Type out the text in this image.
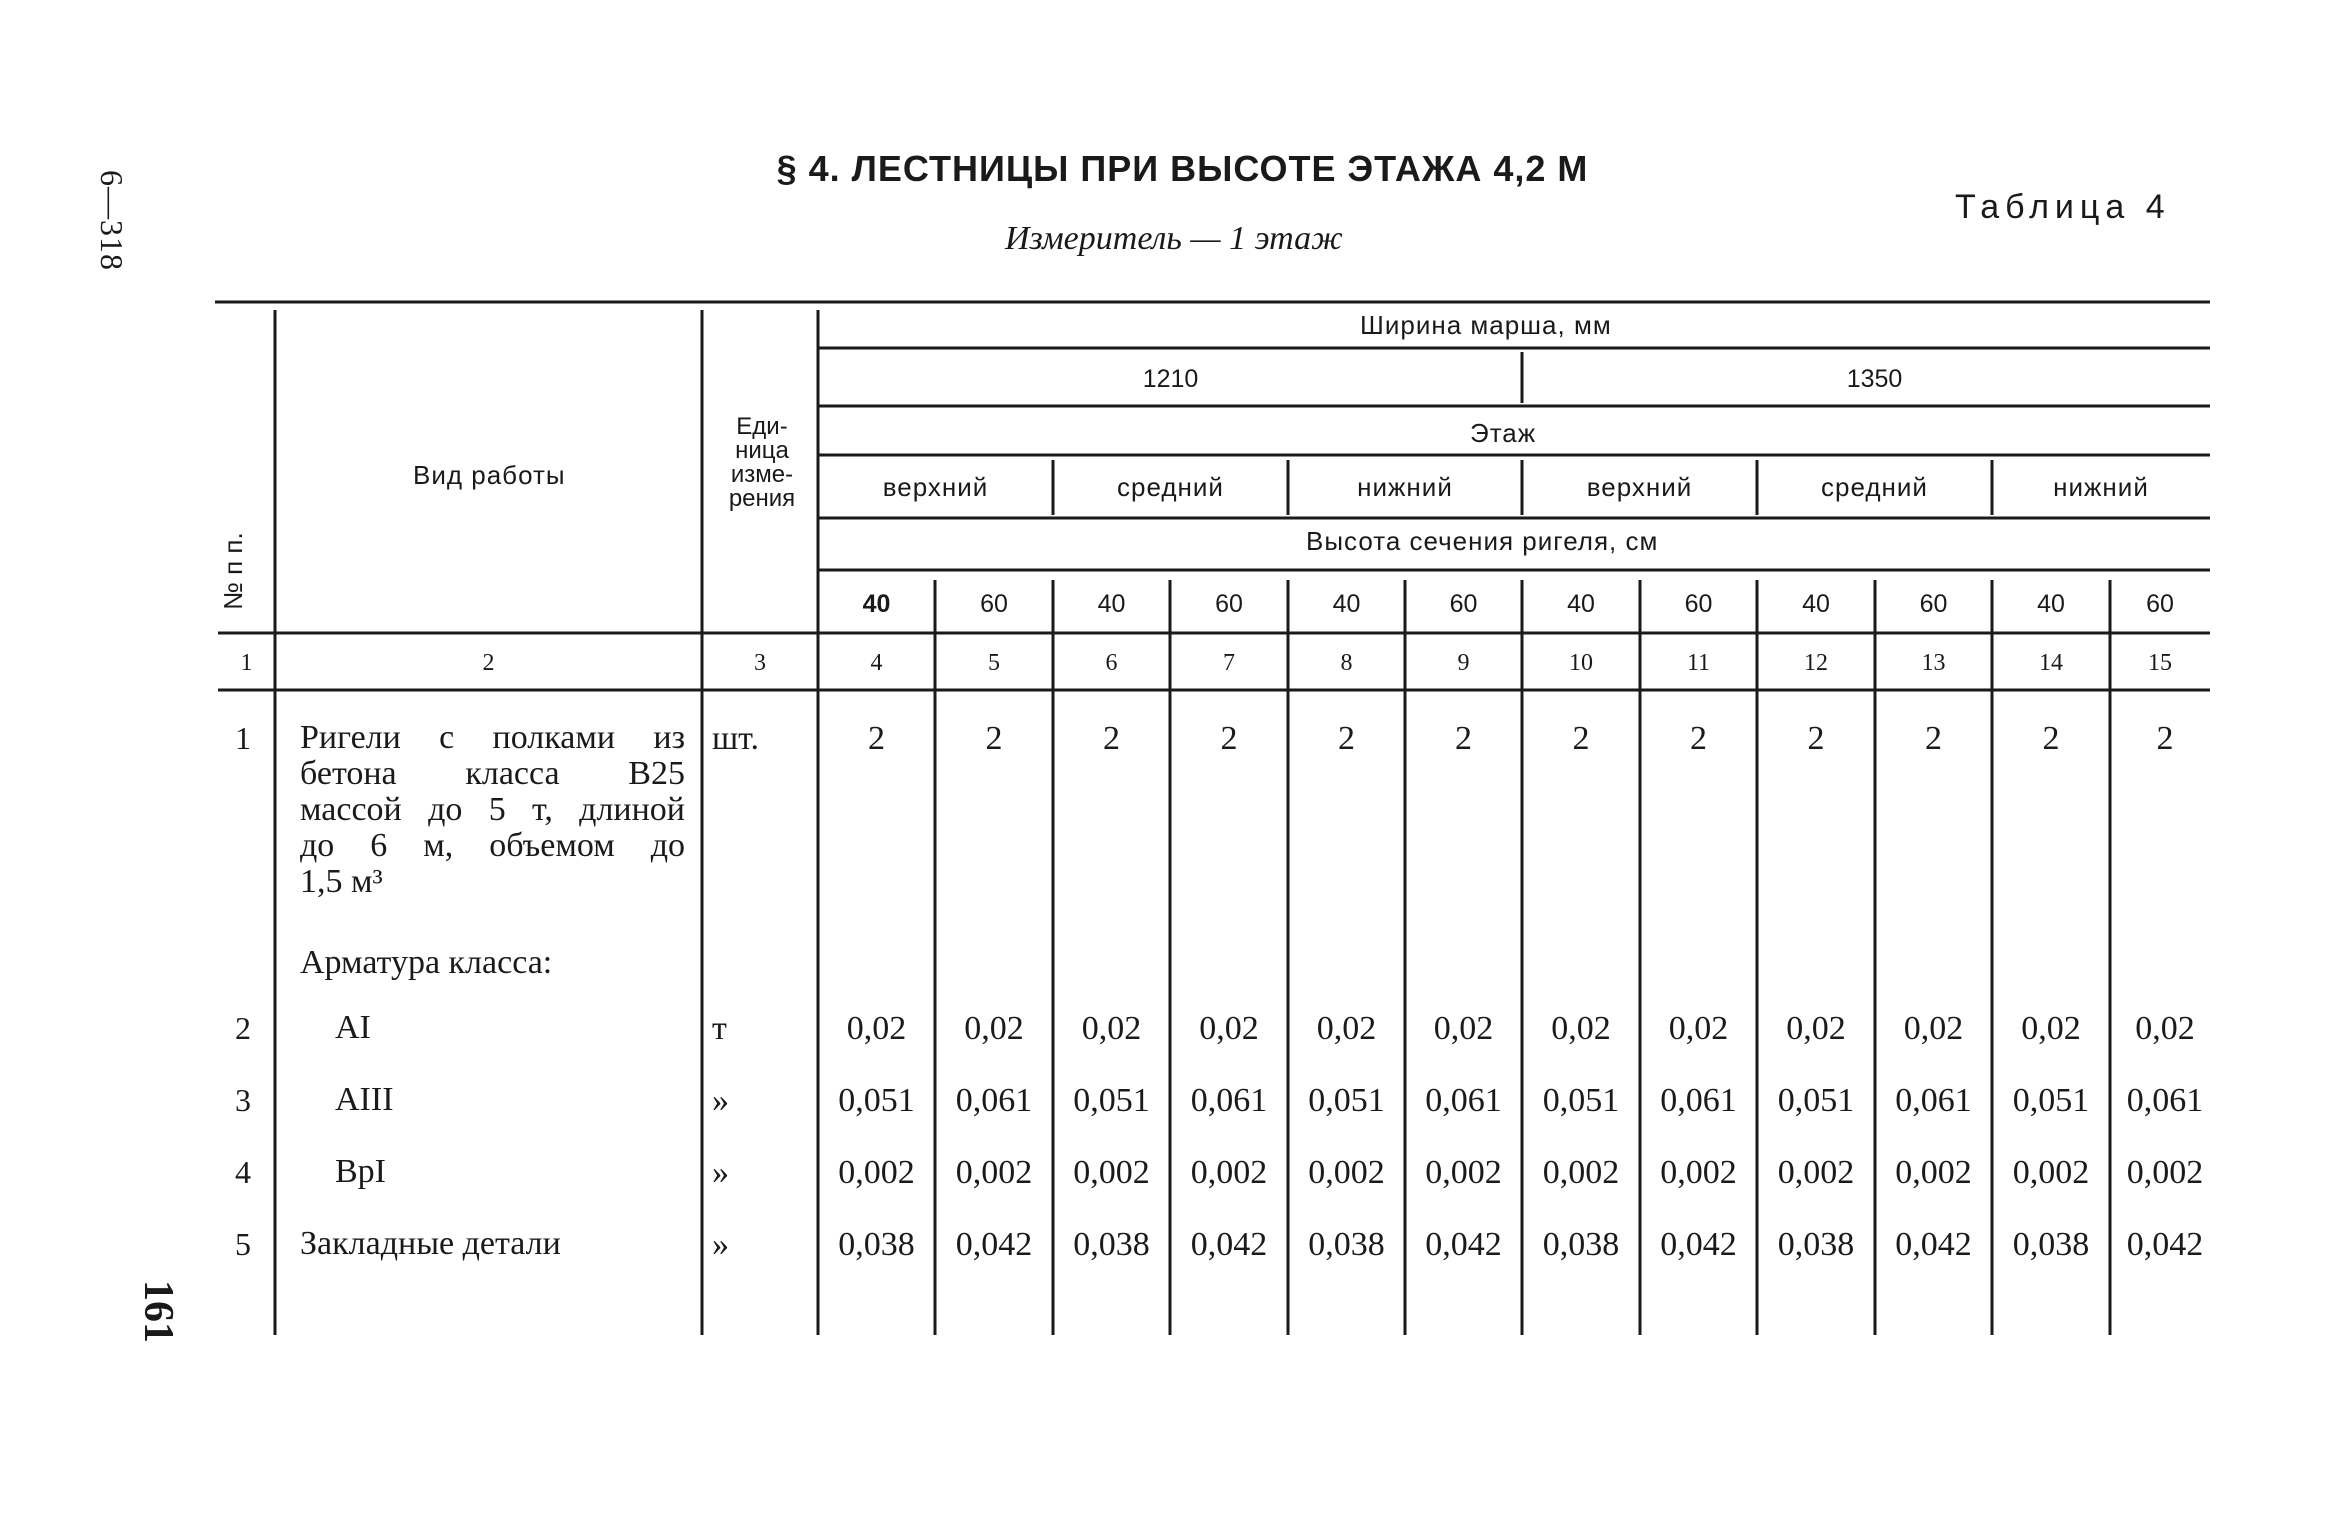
6—318
161
§ 4. ЛЕСТНИЦЫ ПРИ ВЫСОТЕ ЭТАЖА 4,2 М
Измеритель — 1 этаж
Таблица 4
№ п п.
Вид работы
Еди-
ница
изме-
рения
Ширина марша, мм
1210	1350
Этаж
верхний	средний	нижний	верхний	средний	нижний
Высота сечения ригеля, см
40	60	40	60	40	60	40	60	40	60	40	60
1	2	3	4	5	6	7	8	9	10	11	12	13	14	15
1	Ригели с полками из
бетона класса В25
массой до 5 т, длиной
до 6 м, объемом до
1,5 м³
шт.	2	2	2	2	2	2	2	2	2	2	2	2
Арматура класса:
2	АI	т	0,02	0,02	0,02	0,02	0,02	0,02	0,02	0,02	0,02	0,02	0,02	0,02
3	АIII	»	0,051	0,061	0,051	0,061	0,051	0,061	0,051	0,061	0,051	0,061	0,051	0,061
4	ВрI	»	0,002	0,002	0,002	0,002	0,002	0,002	0,002	0,002	0,002	0,002	0,002	0,002
5	Закладные детали	»	0,038	0,042	0,038	0,042	0,038	0,042	0,038	0,042	0,038	0,042	0,038	0,042
